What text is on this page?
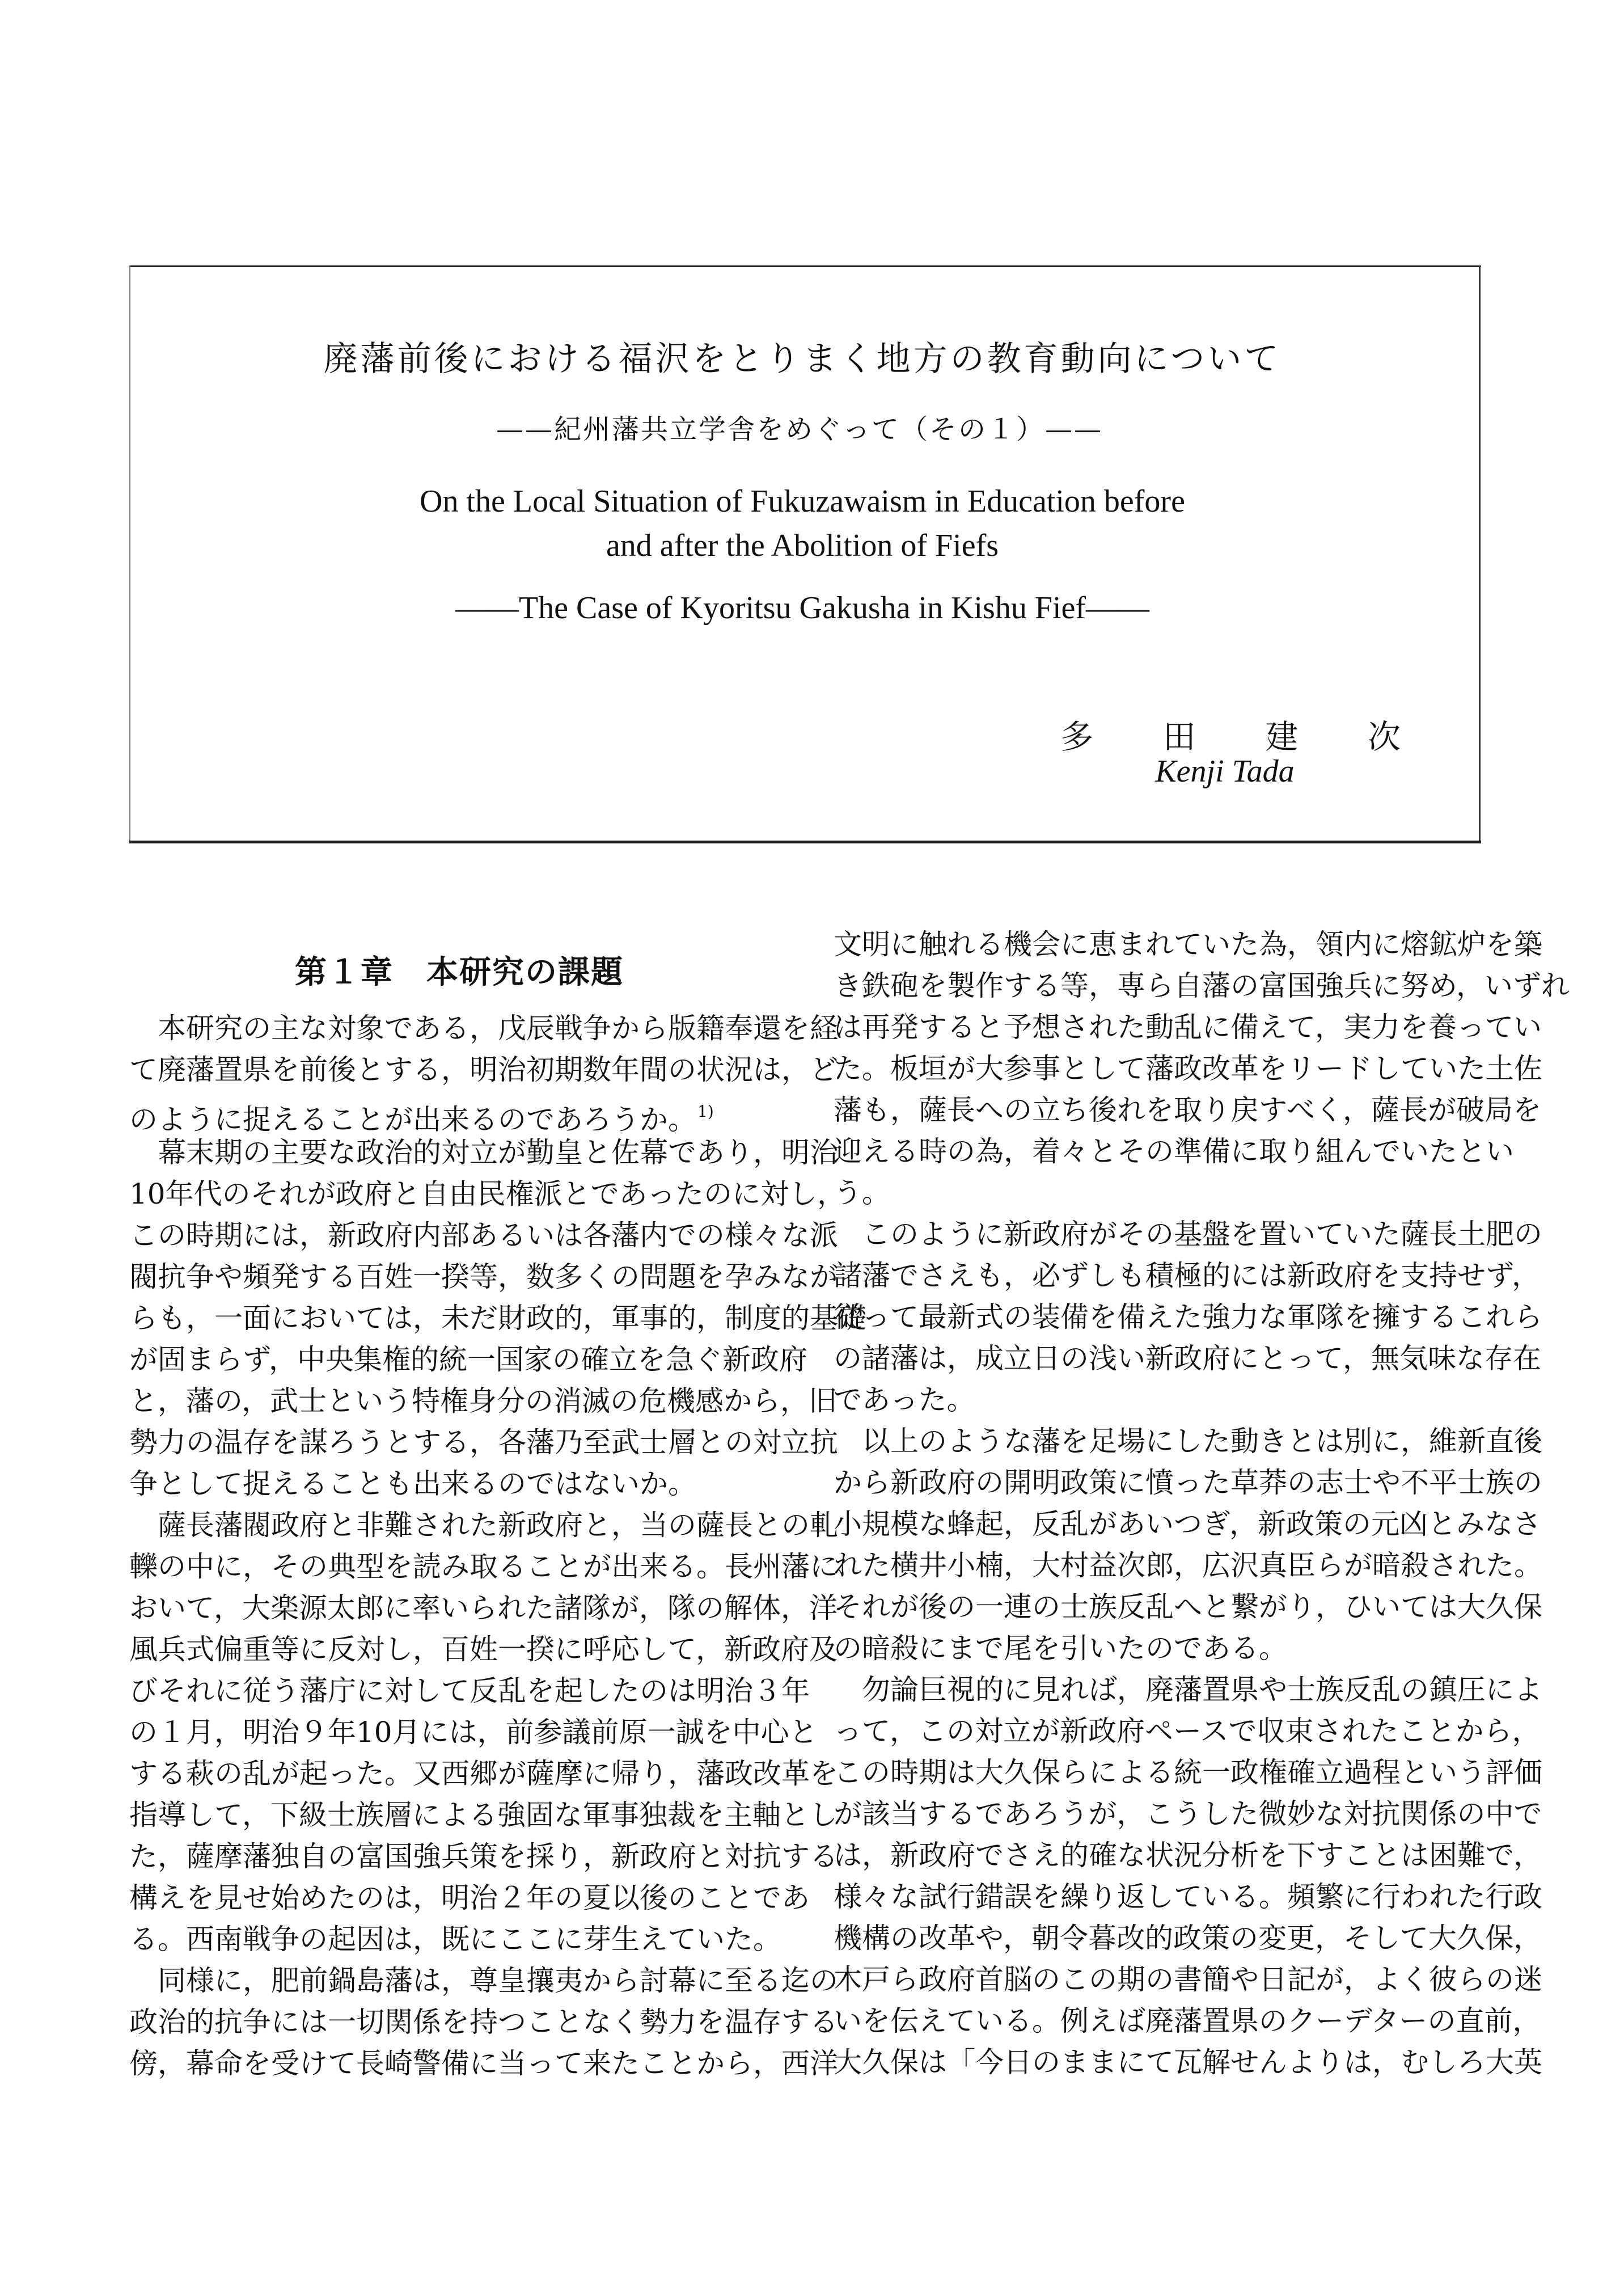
廃藩前後における福沢をとりまく地方の教育動向について
——紀州藩共立学舎をめぐって（その１）——
On the Local Situation of Fukuzawaism in Education before
and after the Abolition of Fiefs
——The Case of Kyoritsu Gakusha in Kishu Fief——
多 田 建 次
Kenji Tada
第１章　本研究の課題
本研究の主な対象である，戊辰戦争から版籍奉還を経
て廃藩置県を前後とする，明治初期数年間の状況は，ど
のように捉えることが出来るのであろうか。$^{1)}$
幕末期の主要な政治的対立が勤皇と佐幕であり，明治
10年代のそれが政府と自由民権派とであったのに対し，
この時期には，新政府内部あるいは各藩内での様々な派
閥抗争や頻発する百姓一揆等，数多くの問題を孕みなが
らも，一面においては，未だ財政的，軍事的，制度的基礎
が固まらず，中央集権的統一国家の確立を急ぐ新政府
と，藩の，武士という特権身分の消滅の危機感から，旧
勢力の温存を謀ろうとする，各藩乃至武士層との対立抗
争として捉えることも出来るのではないか。
薩長藩閥政府と非難された新政府と，当の薩長との軋
轢の中に，その典型を読み取ることが出来る。長州藩に
おいて，大楽源太郎に率いられた諸隊が，隊の解体，洋
風兵式偏重等に反対し，百姓一揆に呼応して，新政府及
びそれに従う藩庁に対して反乱を起したのは明治３年
の１月，明治９年10月には，前参議前原一誠を中心と
する萩の乱が起った。又西郷が薩摩に帰り，藩政改革を
指導して，下級士族層による強固な軍事独裁を主軸とし
た，薩摩藩独自の富国強兵策を採り，新政府と対抗する
構えを見せ始めたのは，明治２年の夏以後のことであ
る。西南戦争の起因は，既にここに芽生えていた。
同様に，肥前鍋島藩は，尊皇攘夷から討幕に至る迄の
政治的抗争には一切関係を持つことなく勢力を温存する
傍，幕命を受けて長崎警備に当って来たことから，西洋
文明に触れる機会に恵まれていた為，領内に熔鉱炉を築
き鉄砲を製作する等，専ら自藩の富国強兵に努め，いずれ
は再発すると予想された動乱に備えて，実力を養ってい
た。板垣が大参事として藩政改革をリードしていた土佐
藩も，薩長への立ち後れを取り戻すべく，薩長が破局を
迎える時の為，着々とその準備に取り組んでいたとい
う。
このように新政府がその基盤を置いていた薩長土肥の
諸藩でさえも，必ずしも積極的には新政府を支持せず，
従って最新式の装備を備えた強力な軍隊を擁するこれら
の諸藩は，成立日の浅い新政府にとって，無気味な存在
であった。
以上のような藩を足場にした動きとは別に，維新直後
から新政府の開明政策に憤った草莽の志士や不平士族の
小規模な蜂起，反乱があいつぎ，新政策の元凶とみなさ
れた横井小楠，大村益次郎，広沢真臣らが暗殺された。
それが後の一連の士族反乱へと繋がり，ひいては大久保
の暗殺にまで尾を引いたのである。
勿論巨視的に見れば，廃藩置県や士族反乱の鎮圧によ
って，この対立が新政府ペースで収束されたことから，
この時期は大久保らによる統一政権確立過程という評価
が該当するであろうが，こうした微妙な対抗関係の中で
は，新政府でさえ的確な状況分析を下すことは困難で，
様々な試行錯誤を繰り返している。頻繁に行われた行政
機構の改革や，朝令暮改的政策の変更，そして大久保，
木戸ら政府首脳のこの期の書簡や日記が，よく彼らの迷
いを伝えている。例えば廃藩置県のクーデターの直前，
大久保は「今日のままにて瓦解せんよりは，むしろ大英
